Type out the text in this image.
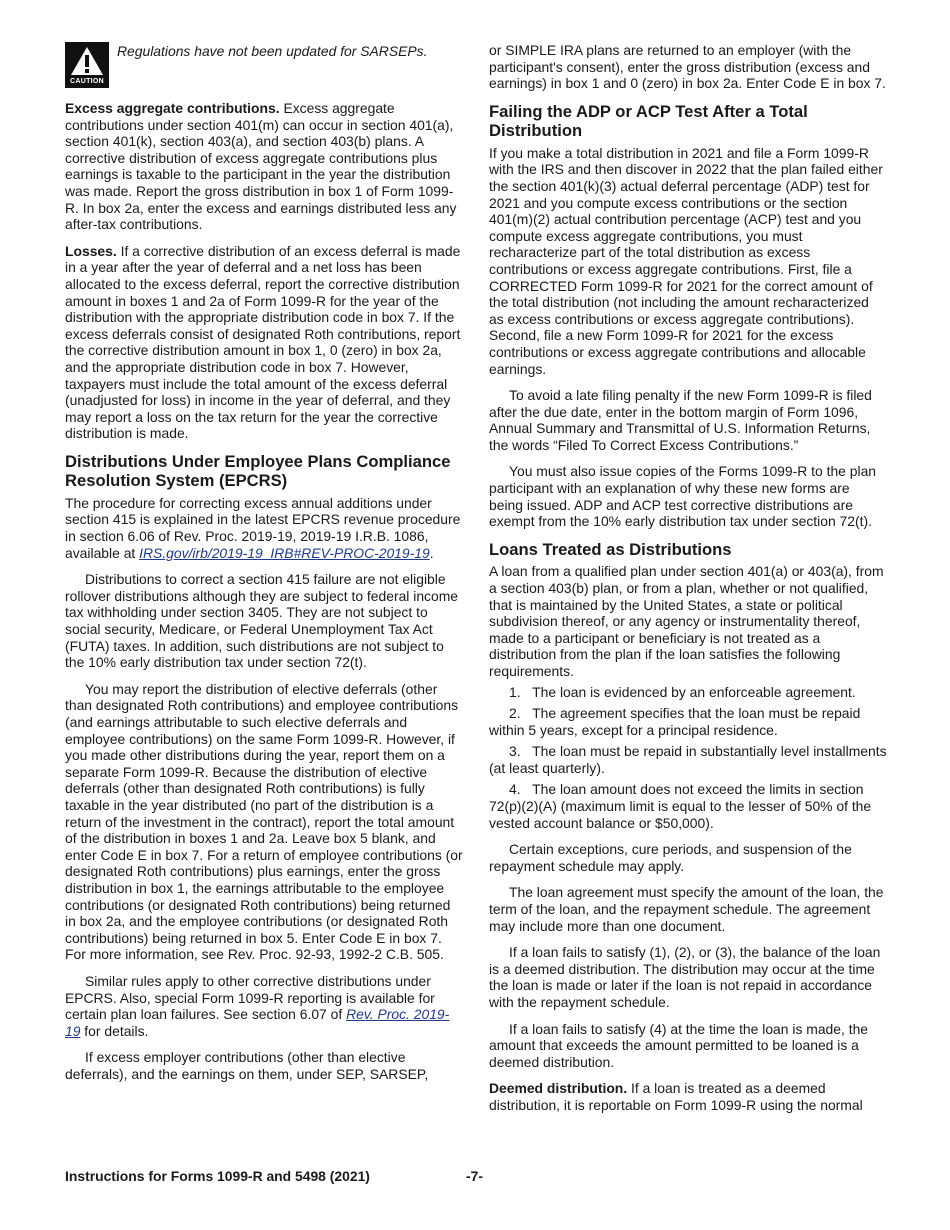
CAUTION
Regulations have not been updated for SARSEPs.

Excess aggregate contributions. Excess aggregate contributions under section 401(m) can occur in section 401(a), section 401(k), section 403(a), and section 403(b) plans. A corrective distribution of excess aggregate contributions plus earnings is taxable to the participant in the year the distribution was made. Report the gross distribution in box 1 of Form 1099-R. In box 2a, enter the excess and earnings distributed less any after-tax contributions.

Losses. If a corrective distribution of an excess deferral is made in a year after the year of deferral and a net loss has been allocated to the excess deferral, report the corrective distribution amount in boxes 1 and 2a of Form 1099-R for the year of the distribution with the appropriate distribution code in box 7. If the excess deferrals consist of designated Roth contributions, report the corrective distribution amount in box 1, 0 (zero) in box 2a, and the appropriate distribution code in box 7. However, taxpayers must include the total amount of the excess deferral (unadjusted for loss) in income in the year of deferral, and they may report a loss on the tax return for the year the corrective distribution is made.

Distributions Under Employee Plans Compliance Resolution System (EPCRS)

The procedure for correcting excess annual additions under section 415 is explained in the latest EPCRS revenue procedure in section 6.06 of Rev. Proc. 2019-19, 2019-19 I.R.B. 1086, available at IRS.gov/irb/2019-19_IRB#REV-PROC-2019-19.

Distributions to correct a section 415 failure are not eligible rollover distributions although they are subject to federal income tax withholding under section 3405. They are not subject to social security, Medicare, or Federal Unemployment Tax Act (FUTA) taxes. In addition, such distributions are not subject to the 10% early distribution tax under section 72(t).

You may report the distribution of elective deferrals (other than designated Roth contributions) and employee contributions (and earnings attributable to such elective deferrals and employee contributions) on the same Form 1099-R. However, if you made other distributions during the year, report them on a separate Form 1099-R. Because the distribution of elective deferrals (other than designated Roth contributions) is fully taxable in the year distributed (no part of the distribution is a return of the investment in the contract), report the total amount of the distribution in boxes 1 and 2a. Leave box 5 blank, and enter Code E in box 7. For a return of employee contributions (or designated Roth contributions) plus earnings, enter the gross distribution in box 1, the earnings attributable to the employee contributions (or designated Roth contributions) being returned in box 2a, and the employee contributions (or designated Roth contributions) being returned in box 5. Enter Code E in box 7. For more information, see Rev. Proc. 92-93, 1992-2 C.B. 505.

Similar rules apply to other corrective distributions under EPCRS. Also, special Form 1099-R reporting is available for certain plan loan failures. See section 6.07 of Rev. Proc. 2019-19 for details.

If excess employer contributions (other than elective deferrals), and the earnings on them, under SEP, SARSEP,

or SIMPLE IRA plans are returned to an employer (with the participant's consent), enter the gross distribution (excess and earnings) in box 1 and 0 (zero) in box 2a. Enter Code E in box 7.

Failing the ADP or ACP Test After a Total Distribution

If you make a total distribution in 2021 and file a Form 1099-R with the IRS and then discover in 2022 that the plan failed either the section 401(k)(3) actual deferral percentage (ADP) test for 2021 and you compute excess contributions or the section 401(m)(2) actual contribution percentage (ACP) test and you compute excess aggregate contributions, you must recharacterize part of the total distribution as excess contributions or excess aggregate contributions. First, file a CORRECTED Form 1099-R for 2021 for the correct amount of the total distribution (not including the amount recharacterized as excess contributions or excess aggregate contributions). Second, file a new Form 1099-R for 2021 for the excess contributions or excess aggregate contributions and allocable earnings.

To avoid a late filing penalty if the new Form 1099-R is filed after the due date, enter in the bottom margin of Form 1096, Annual Summary and Transmittal of U.S. Information Returns, the words “Filed To Correct Excess Contributions.”

You must also issue copies of the Forms 1099-R to the plan participant with an explanation of why these new forms are being issued. ADP and ACP test corrective distributions are exempt from the 10% early distribution tax under section 72(t).

Loans Treated as Distributions

A loan from a qualified plan under section 401(a) or 403(a), from a section 403(b) plan, or from a plan, whether or not qualified, that is maintained by the United States, a state or political subdivision thereof, or any agency or instrumentality thereof, made to a participant or beneficiary is not treated as a distribution from the plan if the loan satisfies the following requirements.

1.   The loan is evidenced by an enforceable agreement.
2.   The agreement specifies that the loan must be repaid within 5 years, except for a principal residence.
3.   The loan must be repaid in substantially level installments (at least quarterly).
4.   The loan amount does not exceed the limits in section 72(p)(2)(A) (maximum limit is equal to the lesser of 50% of the vested account balance or $50,000).

Certain exceptions, cure periods, and suspension of the repayment schedule may apply.

The loan agreement must specify the amount of the loan, the term of the loan, and the repayment schedule. The agreement may include more than one document.

If a loan fails to satisfy (1), (2), or (3), the balance of the loan is a deemed distribution. The distribution may occur at the time the loan is made or later if the loan is not repaid in accordance with the repayment schedule.

If a loan fails to satisfy (4) at the time the loan is made, the amount that exceeds the amount permitted to be loaned is a deemed distribution.

Deemed distribution. If a loan is treated as a deemed distribution, it is reportable on Form 1099-R using the normal

Instructions for Forms 1099-R and 5498 (2021)	-7-
